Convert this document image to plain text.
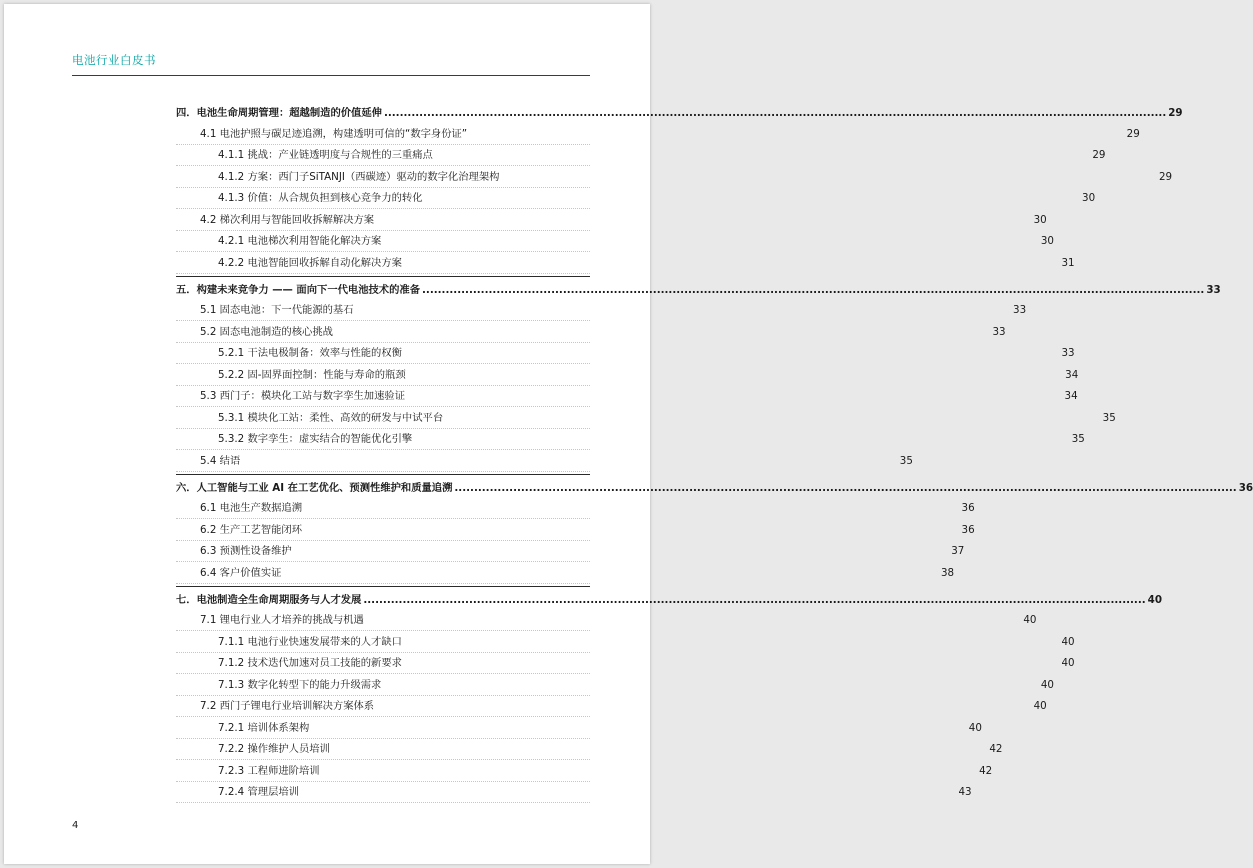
电池行业白皮书
四．电池生命周期管理：超越制造的价值延伸 ........................................................................................................................................................................................................ 29
4.1 电池护照与碳足迹追溯，构建透明可信的“数字身份证”	29
4.1.1 挑战：产业链透明度与合规性的三重痛点	29
4.1.2 方案：西门子SiTANJI（西碳迹）驱动的数字化治理架构	29
4.1.3 价值：从合规负担到核心竞争力的转化	30
4.2 梯次利用与智能回收拆解解决方案	30
4.2.1 电池梯次利用智能化解决方案	30
4.2.2 电池智能回收拆解自动化解决方案	31
五．构建未来竞争力 —— 面向下一代电池技术的准备 ........................................................................................................................................................................................................ 33
5.1 固态电池：下一代能源的基石	33
5.2 固态电池制造的核心挑战	33
5.2.1 干法电极制备：效率与性能的权衡	33
5.2.2 固-固界面控制：性能与寿命的瓶颈	34
5.3 西门子：模块化工站与数字孪生加速验证	34
5.3.1 模块化工站：柔性、高效的研发与中试平台	35
5.3.2 数字孪生：虚实结合的智能优化引擎	35
5.4 结语	35
六．人工智能与工业 AI 在工艺优化、预测性维护和质量追溯 ........................................................................................................................................................................................................ 36
6.1 电池生产数据追溯	36
6.2 生产工艺智能闭环	36
6.3 预测性设备维护	37
6.4 客户价值实证	38
七．电池制造全生命周期服务与人才发展 ........................................................................................................................................................................................................ 40
7.1 锂电行业人才培养的挑战与机遇	40
7.1.1 电池行业快速发展带来的人才缺口	40
7.1.2 技术迭代加速对员工技能的新要求	40
7.1.3 数字化转型下的能力升级需求	40
7.2 西门子锂电行业培训解决方案体系	40
7.2.1 培训体系架构	40
7.2.2 操作维护人员培训	42
7.2.3 工程师进阶培训	42
7.2.4 管理层培训	43
4
